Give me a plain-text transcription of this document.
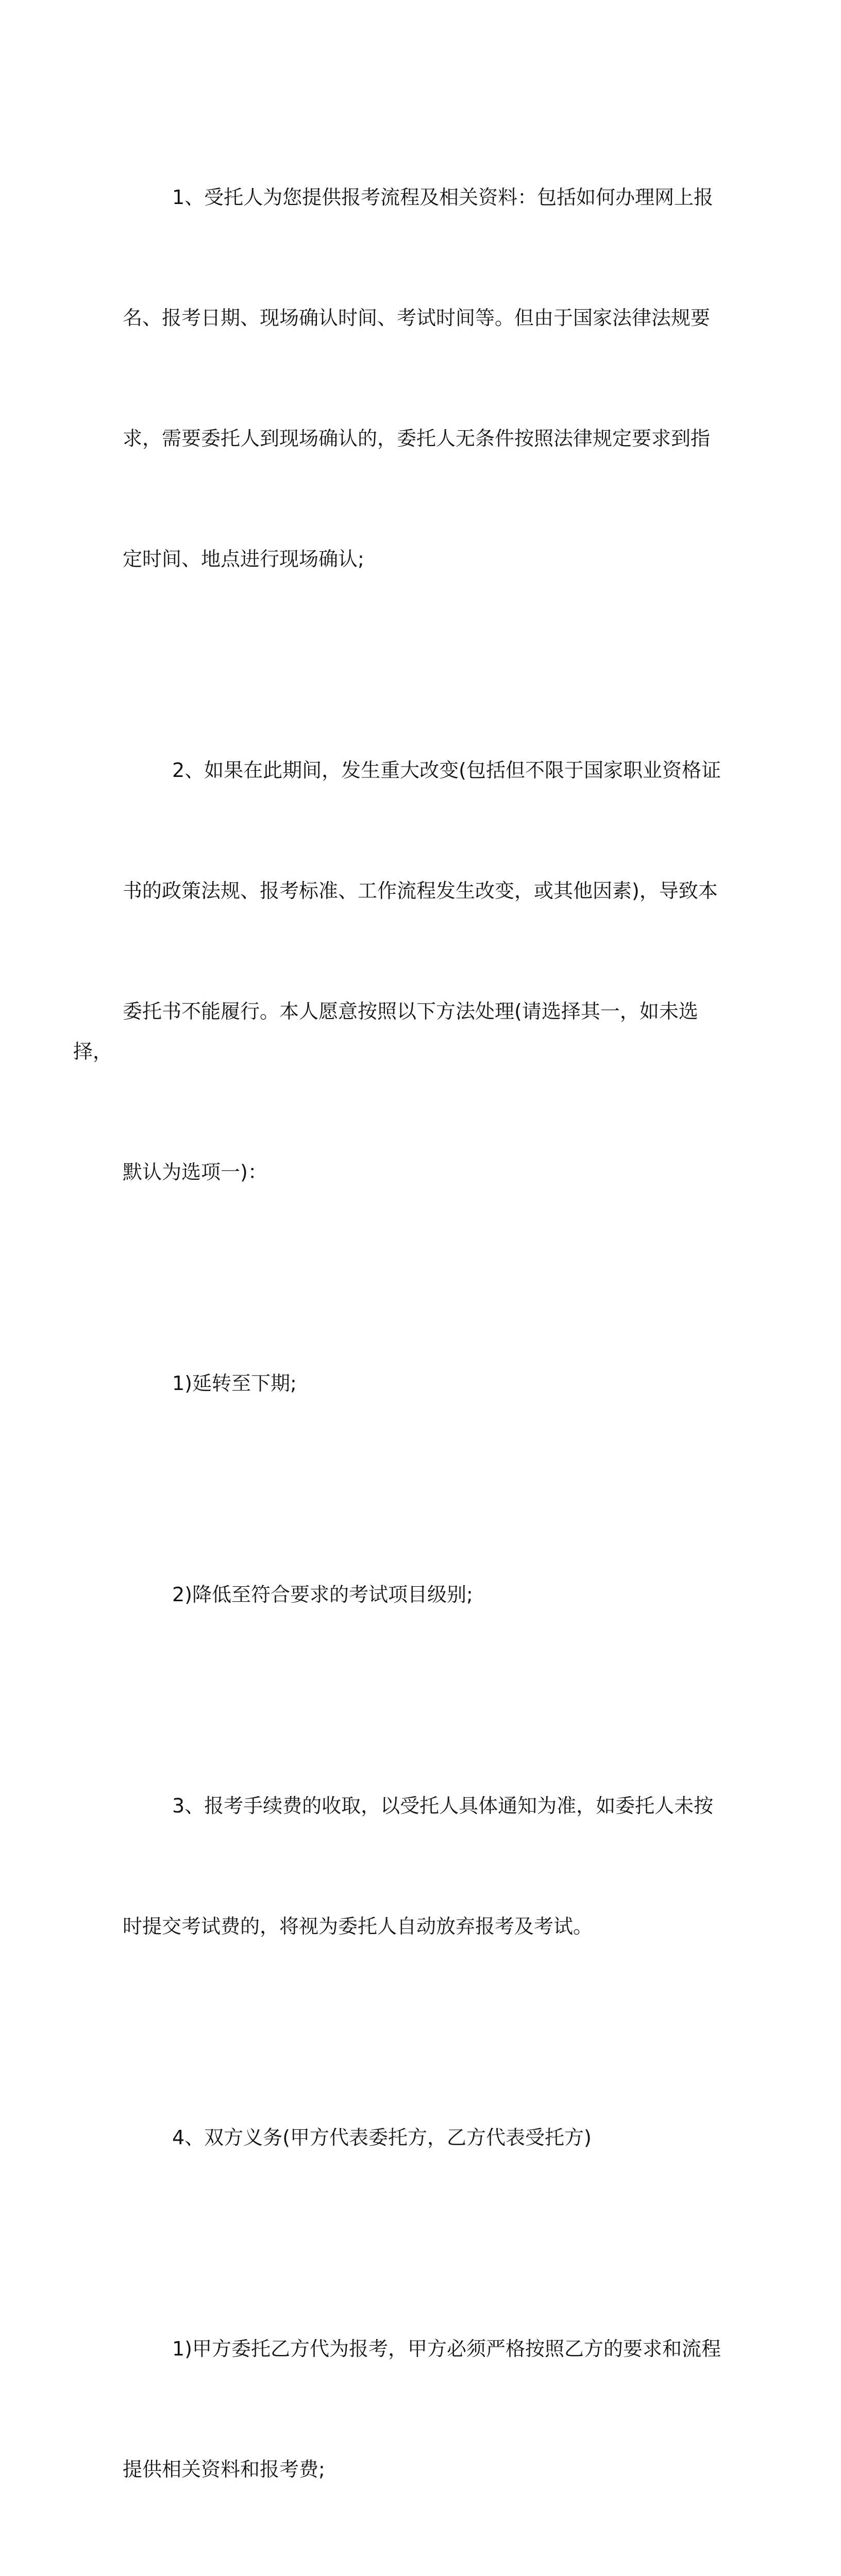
1、受托人为您提供报考流程及相关资料：包括如何办理网上报

名、报考日期、现场确认时间、考试时间等。但由于国家法律法规要

求，需要委托人到现场确认的，委托人无条件按照法律规定要求到指

定时间、地点进行现场确认;

2、如果在此期间，发生重大改变(包括但不限于国家职业资格证

书的政策法规、报考标准、工作流程发生改变，或其他因素)，导致本

委托书不能履行。本人愿意按照以下方法处理(请选择其一，如未选择，

默认为选项一)：

1)延转至下期;

2)降低至符合要求的考试项目级别;

3、报考手续费的收取，以受托人具体通知为准，如委托人未按

时提交考试费的，将视为委托人自动放弃报考及考试。

4、双方义务(甲方代表委托方，乙方代表受托方)

1)甲方委托乙方代为报考，甲方必须严格按照乙方的要求和流程

提供相关资料和报考费;
